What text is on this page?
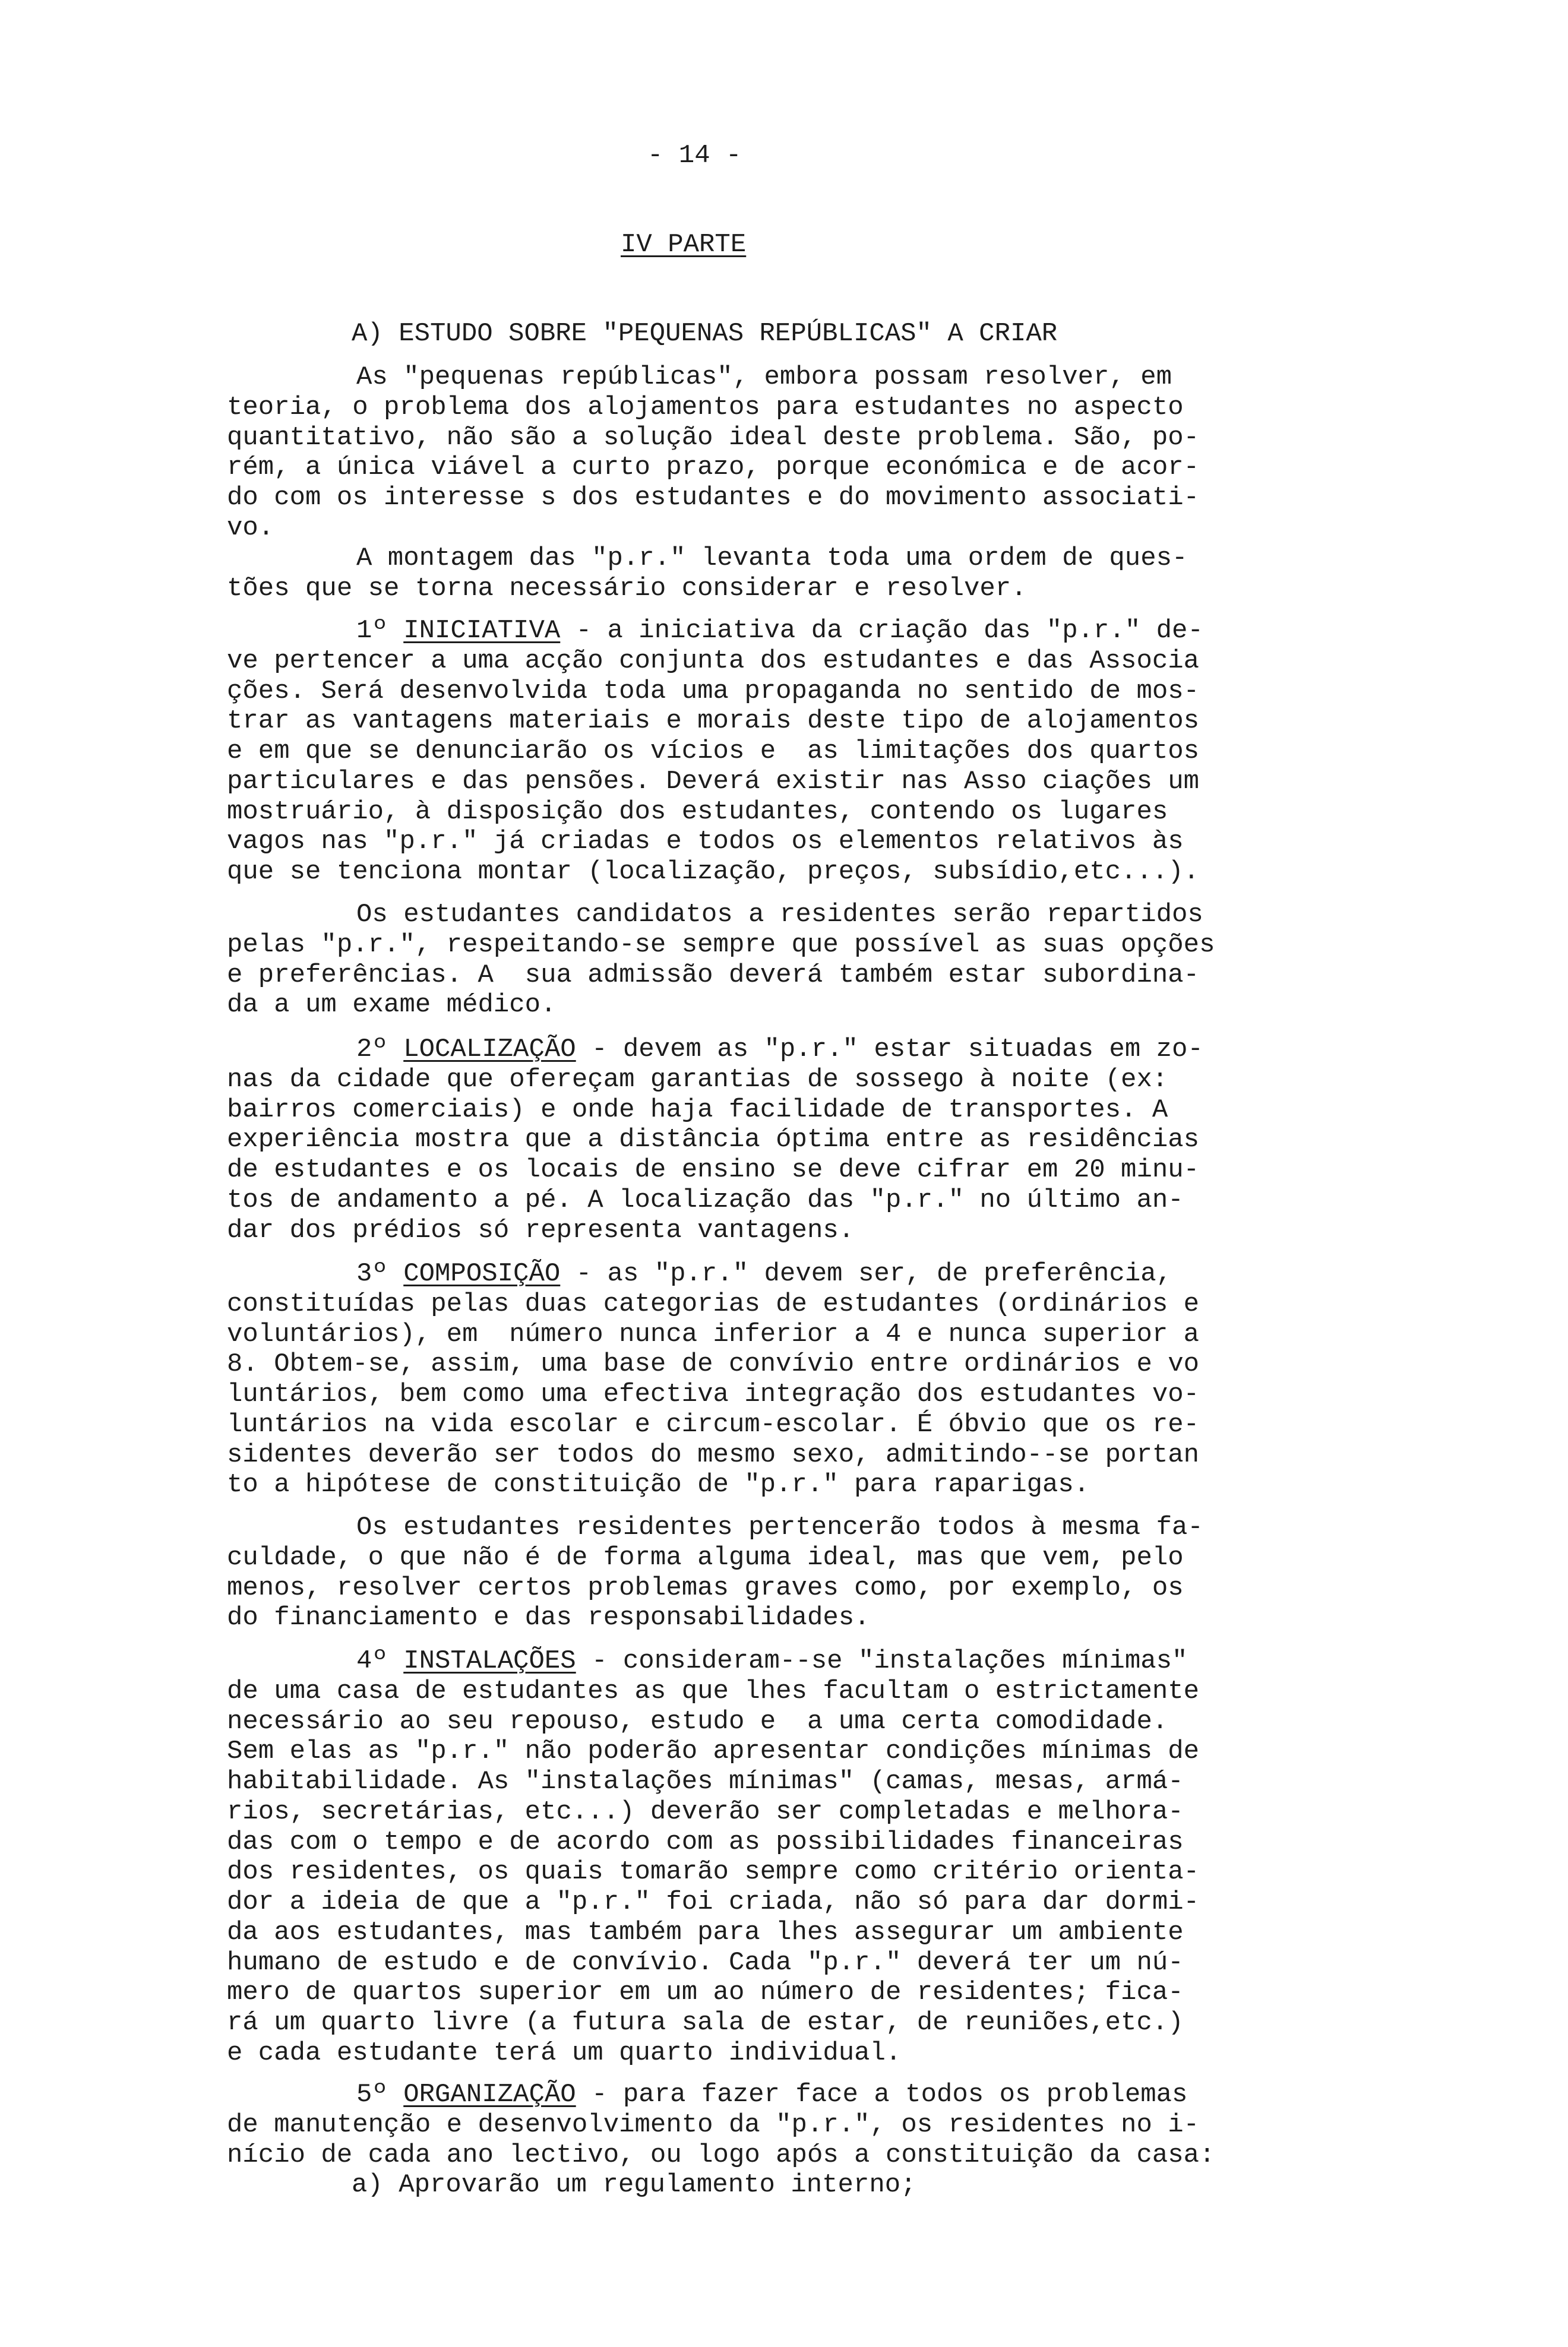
- 14 -
IV PARTE
A) ESTUDO SOBRE "PEQUENAS REPÚBLICAS" A CRIAR
As "pequenas repúblicas", embora possam resolver, em
teoria, o problema dos alojamentos para estudantes no aspecto
quantitativo, não são a solução ideal deste problema. São, po-
rém, a única viável a curto prazo, porque económica e de acor-
do com os interesse s dos estudantes e do movimento associati-
vo.
A montagem das "p.r." levanta toda uma ordem de ques-
tões que se torna necessário considerar e resolver.
1º INICIATIVA - a iniciativa da criação das "p.r." de-
ve pertencer a uma acção conjunta dos estudantes e das Associa
ções. Será desenvolvida toda uma propaganda no sentido de mos-
trar as vantagens materiais e morais deste tipo de alojamentos
e em que se denunciarão os vícios e  as limitações dos quartos
particulares e das pensões. Deverá existir nas Asso ciações um
mostruário, à disposição dos estudantes, contendo os lugares
vagos nas "p.r." já criadas e todos os elementos relativos às
que se tenciona montar (localização, preços, subsídio,etc...).
Os estudantes candidatos a residentes serão repartidos
pelas "p.r.", respeitando-se sempre que possível as suas opções
e preferências. A  sua admissão deverá também estar subordina-
da a um exame médico.
2º LOCALIZAÇÃO - devem as "p.r." estar situadas em zo-
nas da cidade que ofereçam garantias de sossego à noite (ex:
bairros comerciais) e onde haja facilidade de transportes. A
experiência mostra que a distância óptima entre as residências
de estudantes e os locais de ensino se deve cifrar em 20 minu-
tos de andamento a pé. A localização das "p.r." no último an-
dar dos prédios só representa vantagens.
3º COMPOSIÇÃO - as "p.r." devem ser, de preferência,
constituídas pelas duas categorias de estudantes (ordinários e
voluntários), em  número nunca inferior a 4 e nunca superior a
8. Obtem-se, assim, uma base de convívio entre ordinários e vo
luntários, bem como uma efectiva integração dos estudantes vo-
luntários na vida escolar e circum-escolar. É óbvio que os re-
sidentes deverão ser todos do mesmo sexo, admitindo--se portan
to a hipótese de constituição de "p.r." para raparigas.
Os estudantes residentes pertencerão todos à mesma fa-
culdade, o que não é de forma alguma ideal, mas que vem, pelo
menos, resolver certos problemas graves como, por exemplo, os
do financiamento e das responsabilidades.
4º INSTALAÇÕES - consideram--se "instalações mínimas"
de uma casa de estudantes as que lhes facultam o estrictamente
necessário ao seu repouso, estudo e  a uma certa comodidade.
Sem elas as "p.r." não poderão apresentar condições mínimas de
habitabilidade. As "instalações mínimas" (camas, mesas, armá-
rios, secretárias, etc...) deverão ser completadas e melhora-
das com o tempo e de acordo com as possibilidades financeiras
dos residentes, os quais tomarão sempre como critério orienta-
dor a ideia de que a "p.r." foi criada, não só para dar dormi-
da aos estudantes, mas também para lhes assegurar um ambiente
humano de estudo e de convívio. Cada "p.r." deverá ter um nú-
mero de quartos superior em um ao número de residentes; fica-
rá um quarto livre (a futura sala de estar, de reuniões,etc.)
e cada estudante terá um quarto individual.
5º ORGANIZAÇÃO - para fazer face a todos os problemas
de manutenção e desenvolvimento da "p.r.", os residentes no i-
nício de cada ano lectivo, ou logo após a constituição da casa:
a) Aprovarão um regulamento interno;
